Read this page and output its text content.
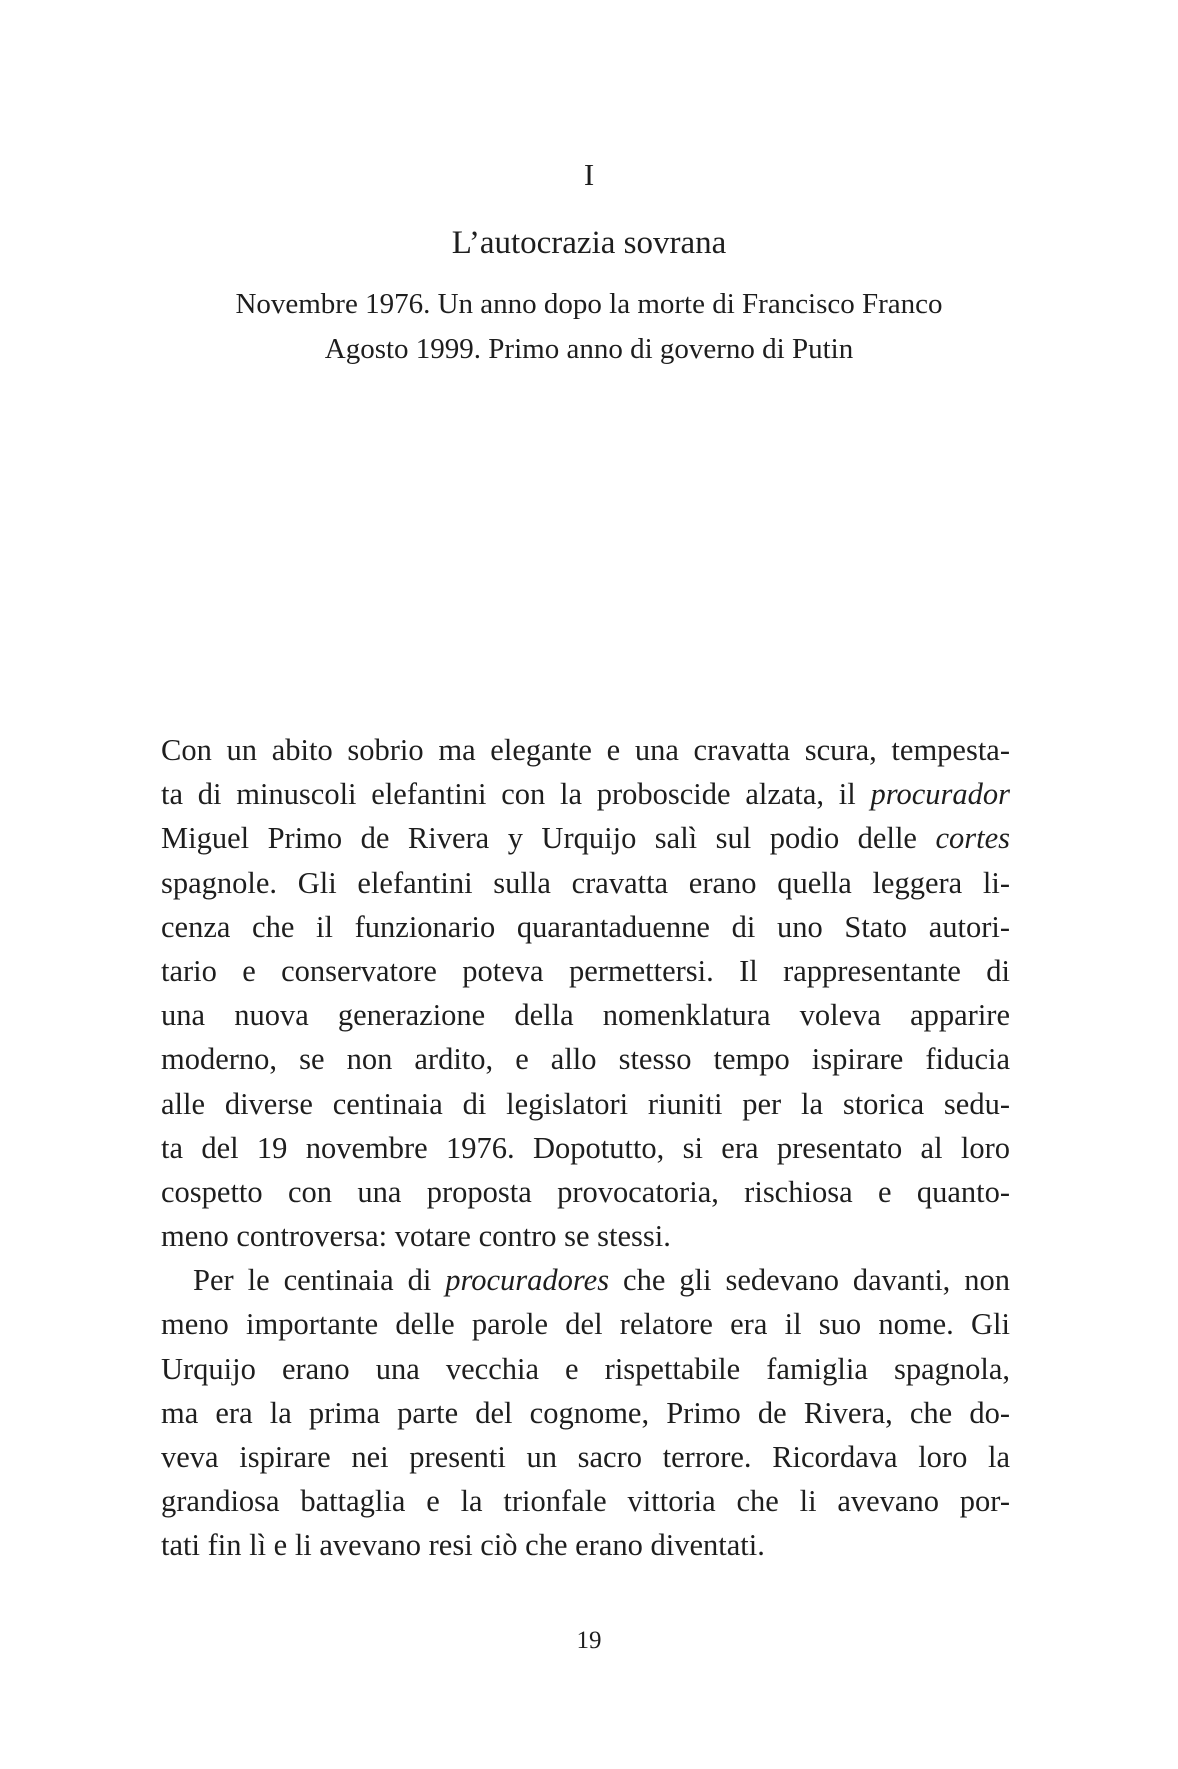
I
L’autocrazia sovrana
Novembre 1976. Un anno dopo la morte di Francisco Franco
Agosto 1999. Primo anno di governo di Putin
Con un abito sobrio ma elegante e una cravatta scura, tempesta-
ta di minuscoli elefantini con la proboscide alzata, il procurador
Miguel Primo de Rivera y Urquijo salì sul podio delle cortes
spagnole. Gli elefantini sulla cravatta erano quella leggera li-
cenza che il funzionario quarantaduenne di uno Stato autori-
tario e conservatore poteva permettersi. Il rappresentante di
una nuova generazione della nomenklatura voleva apparire
moderno, se non ardito, e allo stesso tempo ispirare fiducia
alle diverse centinaia di legislatori riuniti per la storica sedu-
ta del 19 novembre 1976. Dopotutto, si era presentato al loro
cospetto con una proposta provocatoria, rischiosa e quanto-
meno controversa: votare contro se stessi.
Per le centinaia di procuradores che gli sedevano davanti, non
meno importante delle parole del relatore era il suo nome. Gli
Urquijo erano una vecchia e rispettabile famiglia spagnola,
ma era la prima parte del cognome, Primo de Rivera, che do-
veva ispirare nei presenti un sacro terrore. Ricordava loro la
grandiosa battaglia e la trionfale vittoria che li avevano por-
tati fin lì e li avevano resi ciò che erano diventati.
19
